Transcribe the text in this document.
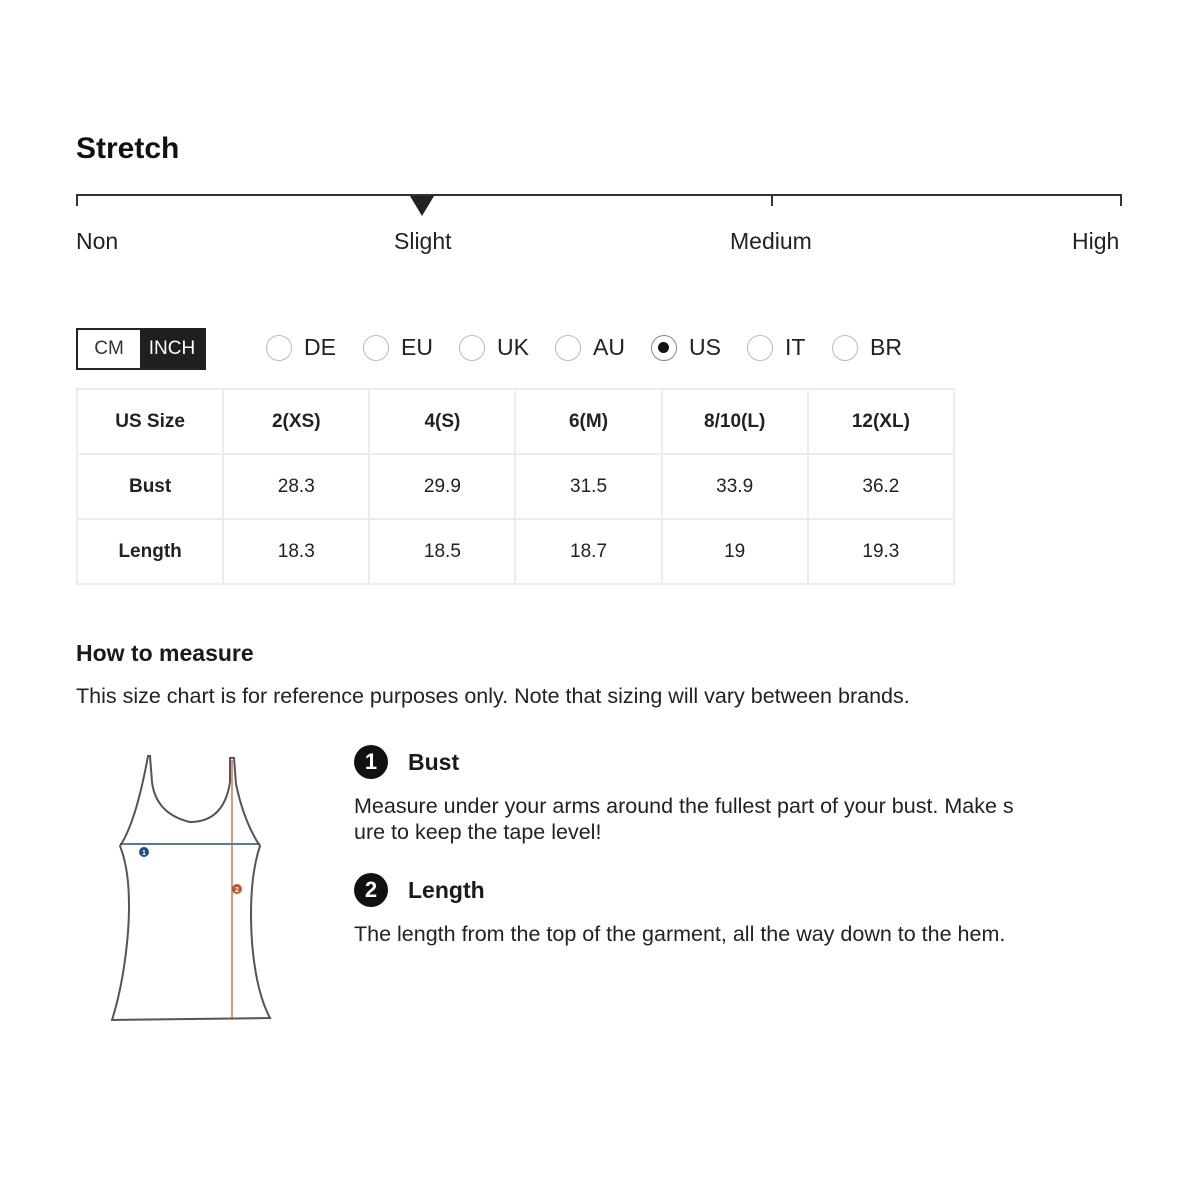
Stretch
Non	Slight	Medium	High
CM	INCH	DE	EU	UK	AU	US	IT	BR
US Size	2(XS)	4(S)	6(M)	8/10(L)	12(XL)
Bust	28.3	29.9	31.5	33.9	36.2
Length	18.3	18.5	18.7	19	19.3
How to measure
This size chart is for reference purposes only. Note that sizing will vary between brands.
1
2
1	Bust
Measure under your arms around the fullest part of your bust. Make s
ure to keep the tape level!
2	Length
The length from the top of the garment, all the way down to the hem.
